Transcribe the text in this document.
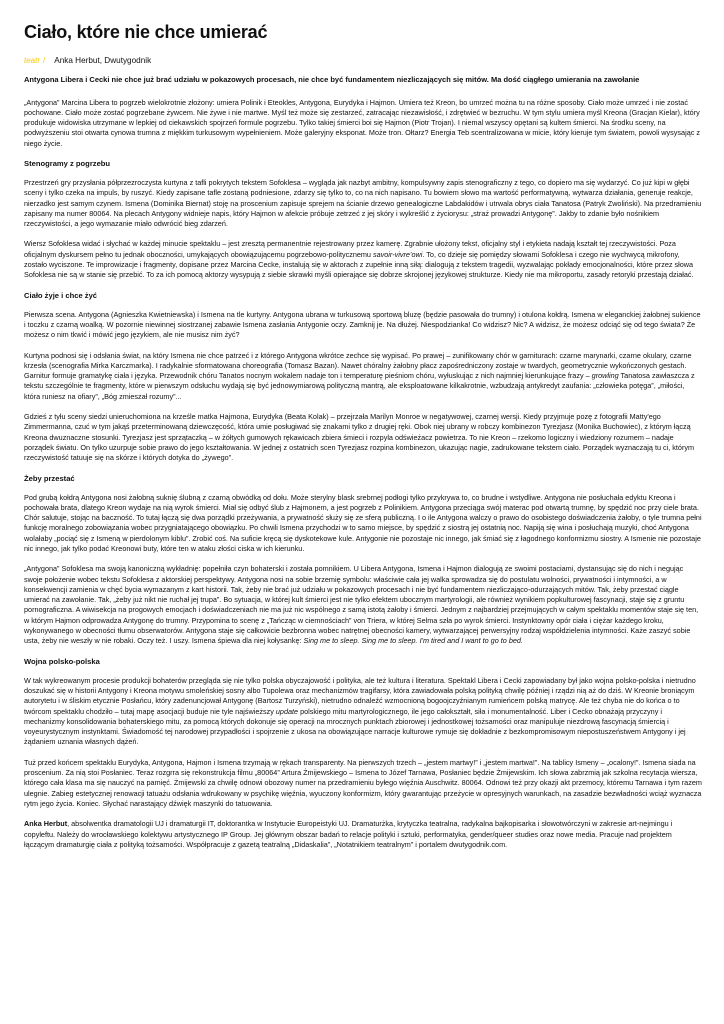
Ciało, które nie chce umierać
teatr / Anka Herbut, Dwutygodnik

Antygona Libera i Cecki nie chce już brać udziału w pokazowych procesach, nie chce być fundamentem niezliczających się mitów. Ma dość ciągłego umierania na zawołanie

„Antygona” Marcina Libera to pogrzeb wielokrotnie złożony: umiera Polinik i Eteokles, Antygona, Eurydyka i Hajmon. Umiera też Kreon, bo umrzeć można tu na różne sposoby. Ciało może umrzeć i nie zostać pochowane. Ciało może zostać pogrzebane żywcem. Nie żywe i nie martwe. Myśl też może się zestarzeć, zatracając niezawisłość, i zdrętwieć w bezruchu. W tym stylu umiera myśl Kreona (Gracjan Kielar), który produkuje widowiska utrzymane w lepkiej od ciekawskich spojrzeń formule pogrzebu. Tylko takiej śmierci boi się Hajmon (Piotr Trojan). I niemal wszyscy opętani są kultem śmierci. Na środku sceny, na podwyższeniu stoi otwarta cynowa trumna z miękkim turkusowym wypełnieniem. Może galeryjny eksponat. Może tron. Ołtarz? Energia Teb scentralizowana w micie, który kieruje tym światem, powoli wysysając z niego życie.

Stenogramy z pogrzebu

Przestrzeń gry przysłania półprzezroczysta kurtyna z tafli pokrytych tekstem Sofoklesa – wygląda jak nazbyt ambitny, kompulsywny zapis stenograficzny z tego, co dopiero ma się wydarzyć. Co już kipi w głębi sceny i tylko czeka na impuls, by ruszyć. Kiedy zapisane tafle zostaną podniesione, zdarzy się tylko to, co na nich napisano. Tu bowiem słowo ma wartość performatywną, wytwarza działania, generuje reakcje, nierzadko jest samym czynem. Ismena (Dominika Biernat) stoję na proscenium zapisuje sprejem na ścianie drzewo genealogiczne Labdakidów i utrwala obrys ciała Tanatosa (Patryk Zwoliński). Na przedramieniu zapisany ma numer 80064. Na plecach Antygony widnieje napis, który Hajmon w afekcie próbuje zetrzeć z jej skóry i wykreślić z życiorysu: „straż prowadzi Antygonę”. Jakby to zdanie było nośnikiem rzeczywistości, a jego wymazanie miało odwrócić bieg zdarzeń.

Wiersz Sofoklesa widać i słychać w każdej minucie spektaklu – jest zresztą permanentnie rejestrowany przez kamerę. Zgrabnie ułożony tekst, oficjalny styl i etykieta nadają kształt tej rzeczywistości. Poza oficjalnym dyskursem pełno tu jednak oboczności, umykających obowiązującemu pogrzebowo-politycznemu savoir-vivre’owi. To, co dzieje się pomiędzy słowami Sofoklesa i czego nie wychwycą mikrofony, zostało wyciszone. Te improwizacje i fragmenty, dopisane przez Marcina Cecke, instalują się w aktorach z zupełnie inną siłą: dialogują z tekstem tragedii, wyzwalając pokłady emocjonalności, które przez słowa Sofoklesa nie są w stanie się przebić. To za ich pomocą aktorzy wysypują z siebie skrawki myśli opierające się dobrze skrojonej językowej strukturze. Kiedy nie ma mikroportu, zasady retoryki przestają działać.

Ciało żyje i chce żyć

Pierwsza scena. Antygona (Agnieszka Kwietniewska) i Ismena na tle kurtyny. Antygona ubrana w turkusową sportową bluzę (będzie pasowała do trumny) i otulona kołdrą. Ismena w eleganckiej żałobnej sukience i toczku z czarną woalką. W pozornie niewinnej siostrzanej zabawie Ismena zasłania Antygonie oczy. Zamknij je. Na dłużej. Niespodzianka! Co widzisz? Nic? A widzisz, że możesz odciąć się od tego świata? Że możesz o nim tkwić i mówić jego językiem, ale nie musisz nim żyć?

Kurtyna podnosi się i odsłania świat, na który Ismena nie chce patrzeć i z którego Antygona wkrótce zechce się wypisać. Po prawej – zunifikowany chór w garniturach: czarne marynarki, czarne okulary, czarne krzesła (scenografia Mirka Karczmarka). I radykalnie sformatowana choreografia (Tomasz Bazan). Nawet chóralny żałobny płacz zapośredniczony zostaje w twardych, geometrycznie wykończonych gestach. Garnitur formuje gramatykę ciała i języka. Przewodnik chóru Tanatos nocnym wokalem nadaje ton i temperaturę pieśniom chóru, wyłuskując z nich najmniej kierunkujące frazy – growling Tanatosa zawłaszcza z tekstu szczególnie te fragmenty, które w pierwszym odsłuchu wydają się być jednowymiarową polityczną mantrą, ale eksploatowane kilkakrotnie, wzbudzają antykredyt zaufania: „człowieka potęga”, „miłości, która runiesz na ofiary”, „Bóg zmieszał rozumy”...

Gdzieś z tyłu sceny siedzi unieruchomiona na krześle matka Hajmona, Eurydyka (Beata Kolak) – przejrzała Marilyn Monroe w negatywowej, czarnej wersji. Kiedy przyjmuje pozę z fotografii Matty'ego Zimmermanna, czuć w tym jakąś przeterminowaną dziewczęcość, która umie posługiwać się znakami tylko z drugiej ręki. Obok niej ubrany w robczy kombinezon Tyrezjasz (Monika Buchowiec), z którym łączą Kreona dwuznaczne stosunki. Tyrezjasz jest sprzątaczką – w żółtych gumowych rękawicach zbiera śmieci i rozpyla odświeżacz powietrza. To nie Kreon – rzekomo logiczny i wiedziony rozumem – nadaje porządek światu. On tylko uzurpuje sobie prawo do jego kształtowania. W jednej z ostatnich scen Tyrezjasz rozpina kombinezon, ukazując nagie, zadrukowane tekstem ciało. Porządek wyznaczają tu ci, którym rzeczywistość tatuuje się na skórze i których dotyka do „żywego”.

Żeby przestać

Pod grubą kołdrą Antygona nosi żałobną suknię ślubną z czarną obwódką od dołu. Może sterylny blask srebrnej podłogi tylko przykrywa to, co brudne i wstydliwe. Antygona nie posłuchała edyktu Kreona i pochowała brata, dlatego Kreon wydaje na nią wyrok śmierci. Miał się odbyć ślub z Hajmonem, a jest pogrzeb z Polinikiem. Antygona przeciąga swój materac pod otwartą trumnę, by spędzić noc przy ciele brata. Chór salutuje, stojąc na baczność. To tutaj łączą się dwa porządki przeżywania, a prywatność służy się ze sferą publiczną. I o ile Antygona walczy o prawo do osobistego doświadczenia żałoby, o tyle trumna pełni funkcję moralnego zobowiązania wobec przygniatającego obowiązku. Po chwili Ismena przychodzi w to samo miejsce, by spędzić z siostrą jej ostatnią noc. Napiją się wina i posłuchają muzyki, choć Antygona wolałaby „pociąć się z Ismeną w pierdolonym kiblu”. Zrobić coś. Na suficie kręcą się dyskotekowe kule. Antygonie nie pozostaje nic innego, jak śmiać się z łagodnego konformizmu siostry. A Ismenie nie pozostaje nic innego, jak tylko podać Kreonowi buty, które ten w ataku złości ciska w ich kierunku.

„Antygona” Sofoklesa ma swoją kanoniczną wykładnię: popełniła czyn bohaterski i została pomnikiem. U Libera Antygona, Ismena i Hajmon dialogują ze swoimi postaciami, dystansując się do nich i negując swoje położenie wobec tekstu Sofoklesa z aktorskiej perspektywy. Antygona nosi na sobie brzemię symbolu: właściwie cała jej walka sprowadza się do postulatu wolności, prywatności i intymności, a w konsekwencji zamienia w chęć bycia wymazanym z kart historii. Tak, żeby nie brać już udziału w pokazowych procesach i nie być fundamentem niezliczająco-odurzających mitów. Tak, żeby przestać ciągle umierać na zawołanie. Tak, „żeby już nikt nie ruchał jej trupa”. Bo sytuacja, w której kult śmierci jest nie tylko efektem ubocznym martyrologii, ale również wynikiem popkulturowej fascynacji, staje się z gruntu pornograficzna. A wiwisekcja na progowych emocjach i doświadczeniach nie ma już nic wspólnego z samą istotą żałoby i śmierci. Jednym z najbardziej przejmujących w całym spektaklu momentów staje się ten, w którym Hajmon odprowadza Antygonę do trumny. Przypomina to scenę z „Tańcząc w ciemnościach” von Triera, w której Selma szła po wyrok śmierci. Instynktowny opór ciała i ciężar każdego kroku, wykonywanego w obecności tłumu obserwatorów. Antygona staje się całkowicie bezbronna wobec natrętnej obecności kamery, wytwarzającej perwersyjny rodzaj współdzielenia intymności. Każe zaszyć sobie usta, żeby nie weszły w nie robaki. Oczy też. I uszy. Ismena śpiewa dla niej kołysankę: Sing me to sleep. Sing me to sleep. I'm tired and I want to go to bed.

Wojna polsko-polska

W tak wykreowanym procesie produkcji bohaterów przegląda się nie tylko polska obyczajowość i polityka, ale też kultura i literatura. Spektakl Libera i Cecki zapowiadany był jako wojna polsko-polska i nietrudno doszukać się w historii Antygony i Kreona motywu smoleńskiej sosny albo Tupolewa oraz mechanizmów tragifarsy, która zawiadowała polską polityką chwilę później i rządzi nią aż do dziś. W Kreonie broniącym autorytetu i w śliskim etycznie Posłańcu, który zadenuncjował Antygonę (Bartosz Turzyński), nietrudno odnaleźć wzmocnioną bogoojczyźnianym rumieńcem polską matrycę. Ale też chyba nie do końca o to twórcom spektaklu chodziło – tutaj mapę asocjacji buduje nie tyle najświeższy update polskiego mitu martyrologicznego, ile jego całokształt, siła i monumentalność. Liber i Cecko obnażają przyczyny i mechanizmy konsolidowania bohaterskiego mitu, za pomocą których dokonuje się operacji na mrocznych punktach zbiorowej i jednostkowej tożsamości oraz manipuluje niezdrową fascynacją śmiercią i voyeurystycznym instynktami. Świadomość tej narodowej przypadłości i spojrzenie z ukosa na obowiązujące narracje kulturowe rymuje się dokładnie z bezkompromisowym niepostuszeństwem Antygony i jej żądaniem uznania własnych dążeń.

Tuż przed końcem spektaklu Eurydyka, Antygona, Hajmon i Ismena trzymają w rękach transparenty. Na pierwszych trzech – „jestem martwy!” i „jestem martwa!”. Na tablicy Ismeny – „ocalony!”. Ismena siada na proscenium. Za nią stoi Posłaniec. Teraz rozgrra się rekonstrukcja filmu „80064” Artura Żmijewskiego – Ismena to Józef Tarnawa, Posłaniec będzie Żmijewskim. Ich słowa zabrzmią jak szkolna recytacja wiersza, którego cała klasa ma się nauczyć na pamięć. Żmijewski za chwilę odnowi obozowy numer na przedramieniu byłego więźnia Auschwitz. 80064. Odnowi też przy okazji akt przemocy, któremu Tarnawa i tym razem ulegnie. Zabieg estetycznej renowacji tatuażu odsłania wdrukowany w psychikę więźnia, wyuczony konformizm, który gwarantując przeżycie w opresyjnych warunkach, na zasadzie bezwładności wciąż wyznacza rytm jego życia. Koniec. Słychać narastający dźwięk maszynki do tatuowania.

Anka Herbut, absolwentka dramatologii UJ i dramaturgii IT, doktorantka w Instytucie Europeistyki UJ. Dramaturżka, krytyczka teatralna, radykalna bajkopisarka i słowotwórczyni w zakresie art-nejmingu i copyleftu. Należy do wrocławskiego kolektywu artystycznego IP Group. Jej głównym obszar badań to relacje polityki i sztuki, performatyka, gender/queer studies oraz nowe media. Pracuje nad projektem łączącym dramaturgię ciała z polityką tożsamości. Współpracuje z gazetą teatralną „Didaskalia”, „Notatnikiem teatralnym” i portalem dwutygodnik.com.
